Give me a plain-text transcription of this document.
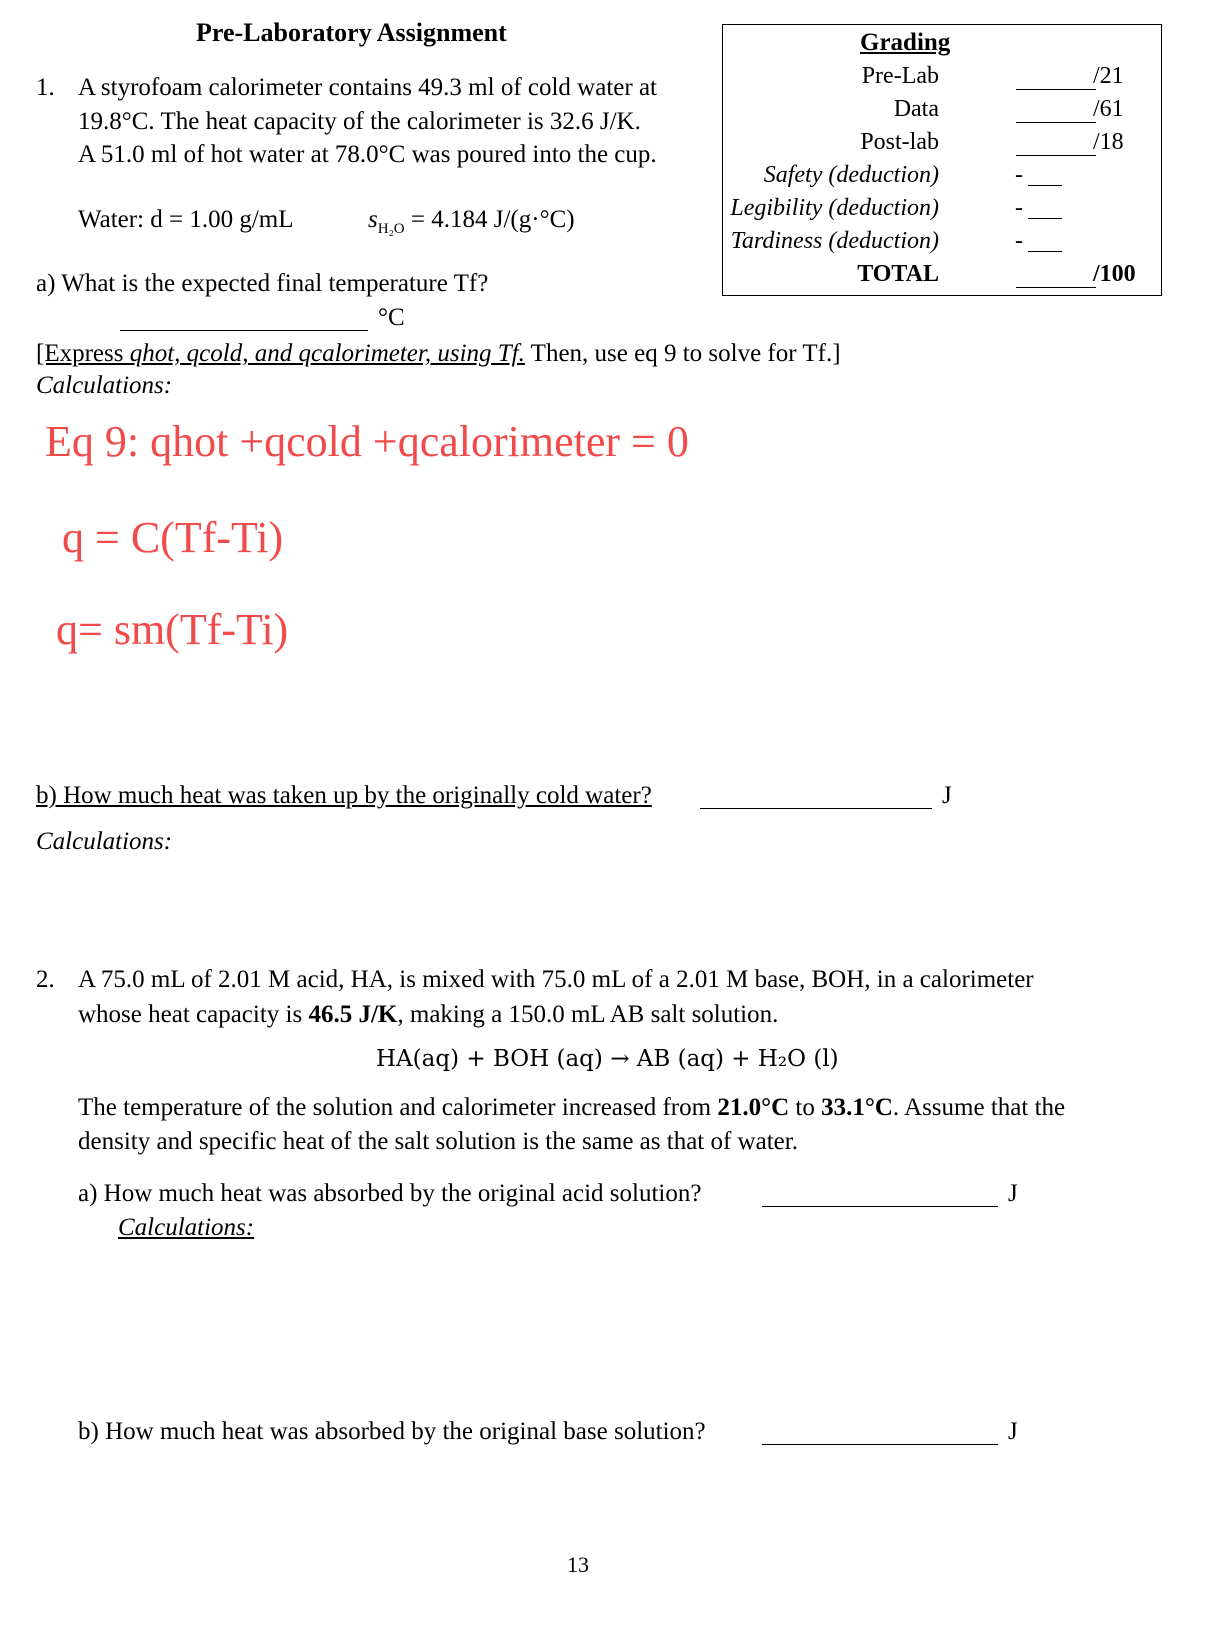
Pre-Laboratory Assignment	Grading
Pre-Lab	/21
Data	/61
Post-lab	/18
Safety (deduction)	-
Legibility (deduction)	-
Tardiness (deduction)	-
TOTAL	/100
1. A styrofoam calorimeter contains 49.3 ml of cold water at
19.8°C. The heat capacity of the calorimeter is 32.6 J/K.
A 51.0 ml of hot water at 78.0°C was poured into the cup.
Water: d = 1.00 g/mL	$s_{H_2O} = 4.184$ J/(g·°C)
a) What is the expected final temperature Tf?
°C
[Express qhot, qcold, and qcalorimeter, using Tf. Then, use eq 9 to solve for Tf.]
Calculations:
Eq 9: qhot +qcold +qcalorimeter = 0
q = C(Tf-Ti)
q= sm(Tf-Ti)
b) How much heat was taken up by the originally cold water?	J
Calculations:
2. A 75.0 mL of 2.01 M acid, HA, is mixed with 75.0 mL of a 2.01 M base, BOH, in a calorimeter
whose heat capacity is 46.5 J/K, making a 150.0 mL AB salt solution.
HA(aq) + BOH (aq) → AB (aq) + H₂O (l)
The temperature of the solution and calorimeter increased from 21.0°C to 33.1°C. Assume that the
density and specific heat of the salt solution is the same as that of water.
a) How much heat was absorbed by the original acid solution?	J
Calculations:
b) How much heat was absorbed by the original base solution?	J
13
